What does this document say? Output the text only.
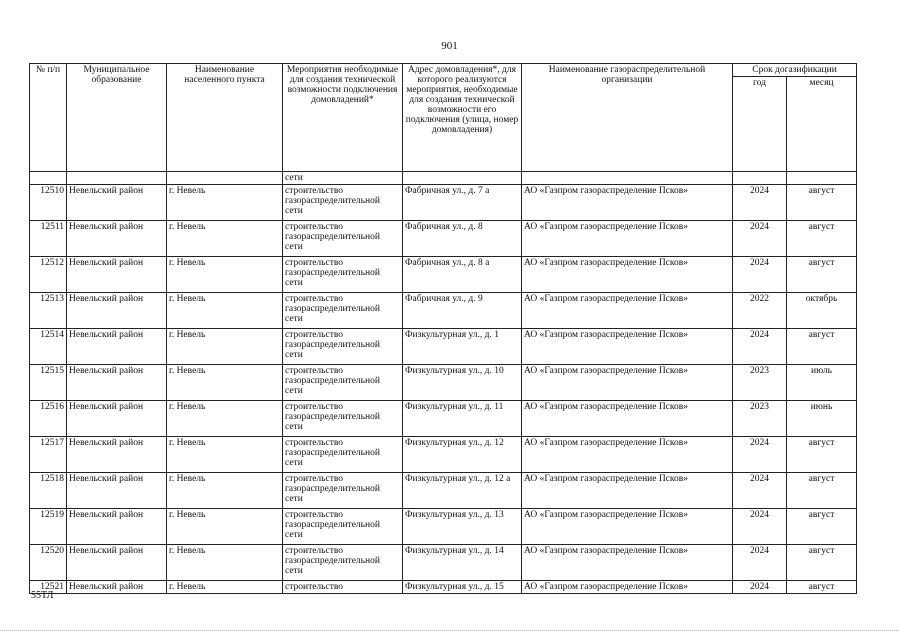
901
№ п/п	Муниципальное образование	Наименование населенного пункта	Мероприятия необходимые для создания технической возможности подключения домовладений*	Адрес домовладения*, для которого реализуются мероприятия, необходимые для создания технической возможности его подключения (улица, номер домовладения)	Наименование газораспределительной организации	Срок догазификации	
						год	месяц
			сети				
12510	Невельский район	г. Невель	строительство газораспределительной сети	Фабричная ул., д. 7 а	АО «Газпром газораспределение Псков»	2024	август
12511	Невельский район	г. Невель	строительство газораспределительной сети	Фабричная ул., д. 8	АО «Газпром газораспределение Псков»	2024	август
12512	Невельский район	г. Невель	строительство газораспределительной сети	Фабричная ул., д. 8 а	АО «Газпром газораспределение Псков»	2024	август
12513	Невельский район	г. Невель	строительство газораспределительной сети	Фабричная ул., д. 9	АО «Газпром газораспределение Псков»	2022	октябрь
12514	Невельский район	г. Невель	строительство газораспределительной сети	Физкультурная ул., д. 1	АО «Газпром газораспределение Псков»	2024	август
12515	Невельский район	г. Невель	строительство газораспределительной сети	Физкультурная ул., д. 10	АО «Газпром газораспределение Псков»	2023	июль
12516	Невельский район	г. Невель	строительство газораспределительной сети	Физкультурная ул., д. 11	АО «Газпром газораспределение Псков»	2023	июнь
12517	Невельский район	г. Невель	строительство газораспределительной сети	Физкультурная ул., д. 12	АО «Газпром газораспределение Псков»	2024	август
12518	Невельский район	г. Невель	строительство газораспределительной сети	Физкультурная ул., д. 12 а	АО «Газпром газораспределение Псков»	2024	август
12519	Невельский район	г. Невель	строительство газораспределительной сети	Физкультурная ул., д. 13	АО «Газпром газораспределение Псков»	2024	август
12520	Невельский район	г. Невель	строительство газораспределительной сети	Физкультурная ул., д. 14	АО «Газпром газораспределение Псков»	2024	август
12521	Невельский район	г. Невель	строительство	Физкультурная ул., д. 15	АО «Газпром газораспределение Псков»	2024	август
55ТЛ
